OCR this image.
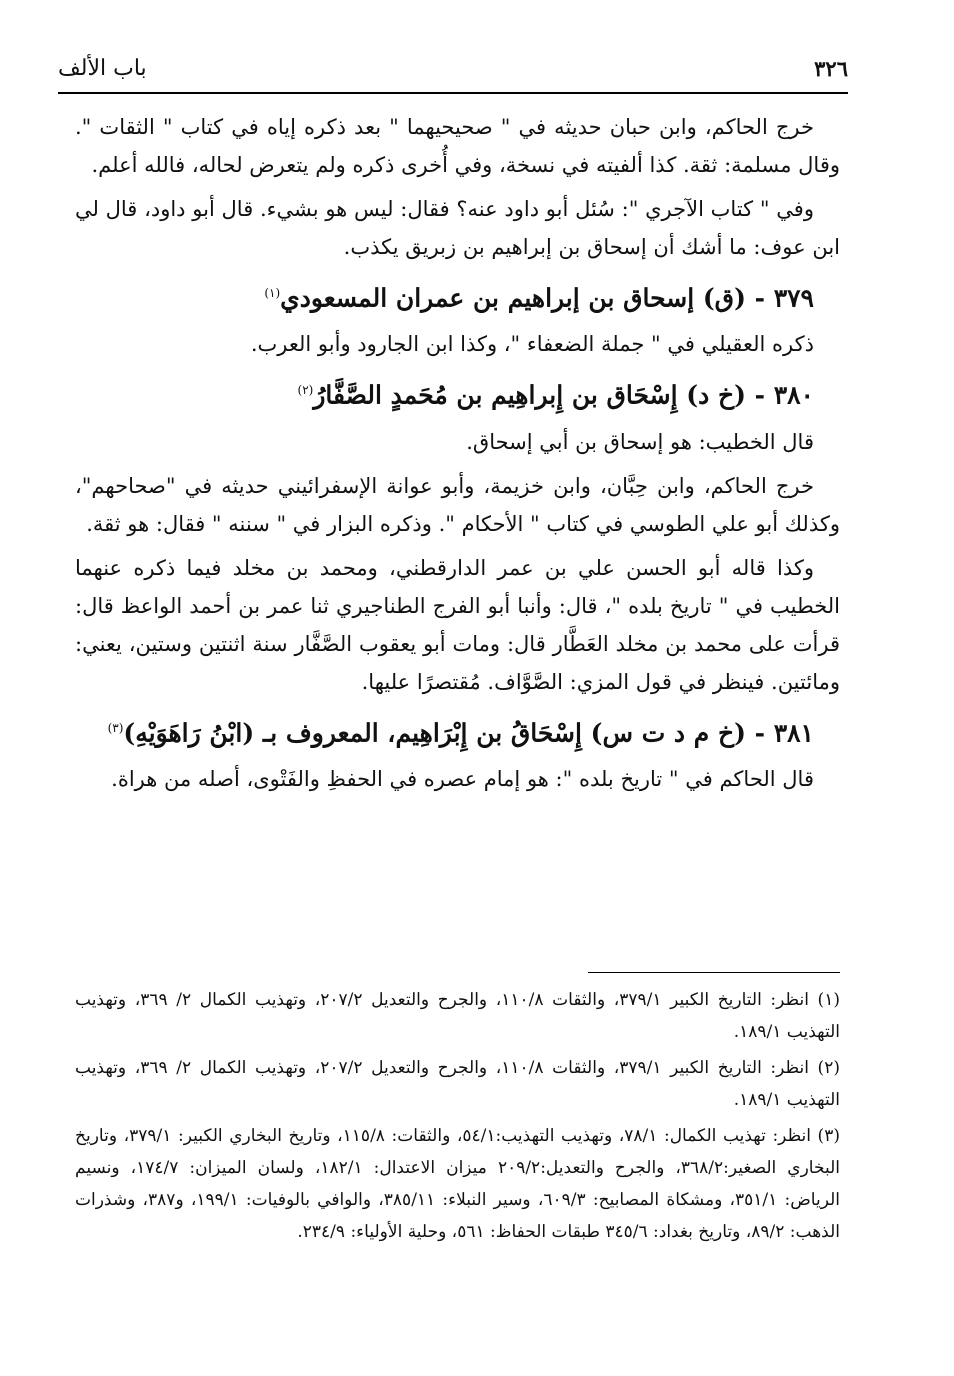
٣٢٦
باب الألف

خرج الحاكم، وابن حبان حديثه في " صحيحيهما " بعد ذكره إياه في كتاب " الثقات ". وقال مسلمة: ثقة. كذا ألفيته في نسخة، وفي أُخرى ذكره ولم يتعرض لحاله، فالله أعلم.

وفي " كتاب الآجري ": سُئل أبو داود عنه؟ فقال: ليس هو بشيء. قال أبو داود، قال لي ابن عوف: ما أشك أن إسحاق بن إبراهيم بن زبريق يكذب.

٣٧٩ - (ق) إسحاق بن إبراهيم بن عمران المسعودي$^{(١)}$

ذكره العقيلي في " جملة الضعفاء "، وكذا ابن الجارود وأبو العرب.

٣٨٠ - (خ د) إِسْحَاق بن إِبراهِيم بن مُحَمدٍ الصَّفَّارُ$^{(٢)}$

قال الخطيب: هو إسحاق بن أبي إسحاق.

خرج الحاكم، وابن حِبَّان، وابن خزيمة، وأبو عوانة الإسفرائيني حديثه في "صحاحهم"، وكذلك أبو علي الطوسي في كتاب " الأحكام ". وذكره البزار في " سننه " فقال: هو ثقة.

وكذا قاله أبو الحسن علي بن عمر الدارقطني، ومحمد بن مخلد فيما ذكره عنهما الخطيب في " تاريخ بلده "، قال: وأنبا أبو الفرج الطناجيري ثنا عمر بن أحمد الواعظ قال: قرأت على محمد بن مخلد العَطَّار قال: ومات أبو يعقوب الصَّفَّار سنة اثنتين وستين، يعني: ومائتين. فينظر في قول المزي: الصَّوَّاف. مُقتصرًا عليها.

٣٨١ - (خ م د ت س) إِسْحَاقُ بن إِبْرَاهِيم، المعروف بـ (ابْنُ رَاهَوَيْهِ)$^{(٣)}$

قال الحاكم في " تاريخ بلده ": هو إمام عصره في الحفظِ والفَتْوى، أصله من هراة.

(١) انظر: التاريخ الكبير ٣٧٩/١، والثقات ١١٠/٨، والجرح والتعديل ٢٠٧/٢، وتهذيب الكمال ٢/ ٣٦٩، وتهذيب التهذيب ١٨٩/١.

(٢) انظر: التاريخ الكبير ٣٧٩/١، والثقات ١١٠/٨، والجرح والتعديل ٢٠٧/٢، وتهذيب الكمال ٢/ ٣٦٩، وتهذيب التهذيب ١٨٩/١.

(٣) انظر: تهذيب الكمال: ٧٨/١، وتهذيب التهذيب:٥٤/١، والثقات: ١١٥/٨، وتاريخ البخاري الكبير: ٣٧٩/١، وتاريخ البخاري الصغير:٣٦٨/٢، والجرح والتعديل:٢٠٩/٢ ميزان الاعتدال: ١٨٢/١، ولسان الميزان: ١٧٤/٧، ونسيم الرياض: ٣٥١/١، ومشكاة المصابيح: ٦٠٩/٣، وسير النبلاء: ٣٨٥/١١، والوافي بالوفيات: ١٩٩/١، و٣٨٧، وشذرات الذهب: ٨٩/٢، وتاريخ بغداد: ٣٤٥/٦ طبقات الحفاظ: ٥٦١، وحلية الأولياء: ٢٣٤/٩.
